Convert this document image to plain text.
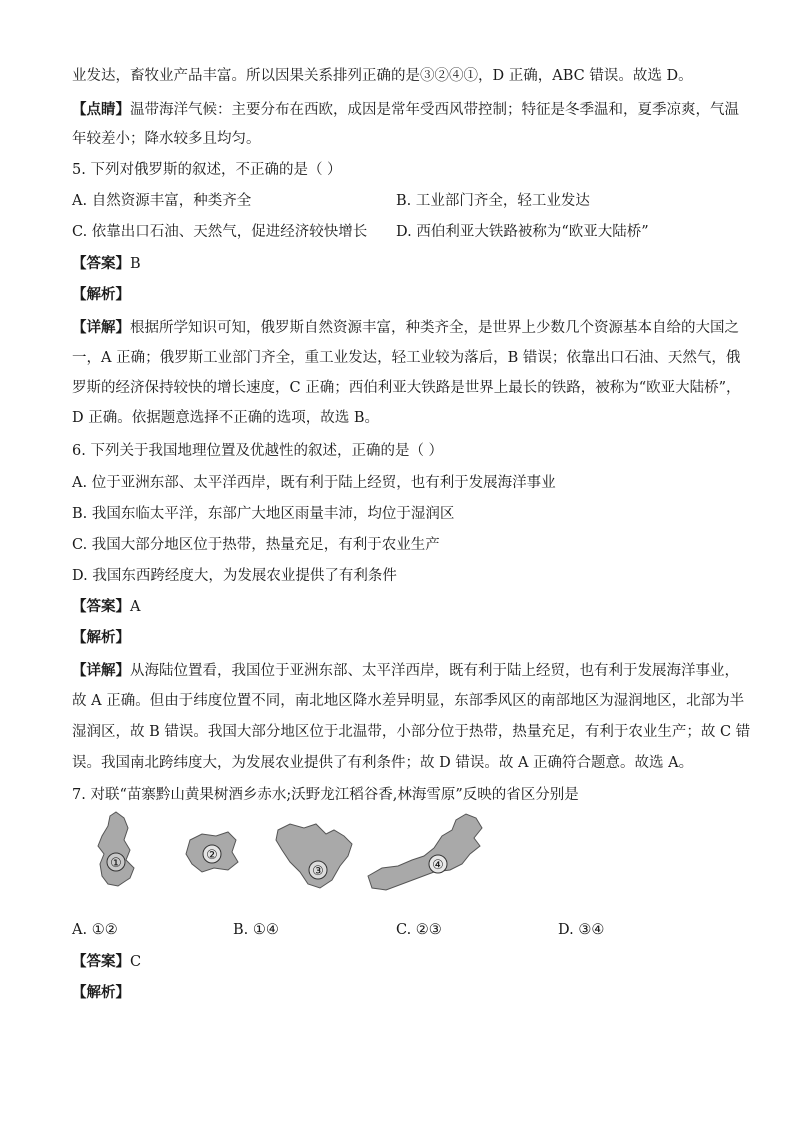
业发达，畜牧业产品丰富。所以因果关系排列正确的是③②④①，D 正确，ABC 错误。故选 D。
【点睛】温带海洋气候：主要分布在西欧，成因是常年受西风带控制；特征是冬季温和，夏季凉爽，气温
年较差小；降水较多且均匀。
5. 下列对俄罗斯的叙述，不正确的是（ ）
A. 自然资源丰富，种类齐全	B. 工业部门齐全，轻工业发达
C. 依靠出口石油、天然气，促进经济较快增长 D. 西伯利亚大铁路被称为“欧亚大陆桥”
【答案】B
【解析】
【详解】根据所学知识可知，俄罗斯自然资源丰富，种类齐全，是世界上少数几个资源基本自给的大国之
一，A 正确；俄罗斯工业部门齐全，重工业发达，轻工业较为落后，B 错误；依靠出口石油、天然气，俄
罗斯的经济保持较快的增长速度，C 正确；西伯利亚大铁路是世界上最长的铁路，被称为“欧亚大陆桥”，
D 正确。依据题意选择不正确的选项，故选 B。
6. 下列关于我国地理位置及优越性的叙述，正确的是（ ）
A. 位于亚洲东部、太平洋西岸，既有利于陆上经贸，也有利于发展海洋事业
B. 我国东临太平洋，东部广大地区雨量丰沛，均位于湿润区
C. 我国大部分地区位于热带，热量充足，有利于农业生产
D. 我国东西跨经度大，为发展农业提供了有利条件
【答案】A
【解析】
【详解】从海陆位置看，我国位于亚洲东部、太平洋西岸，既有利于陆上经贸，也有利于发展海洋事业，
故 A 正确。但由于纬度位置不同，南北地区降水差异明显，东部季风区的南部地区为湿润地区，北部为半
湿润区，故 B 错误。我国大部分地区位于北温带，小部分位于热带，热量充足，有利于农业生产；故 C 错
误。我国南北跨纬度大，为发展农业提供了有利条件；故 D 错误。故 A 正确符合题意。故选 A。
7. 对联“苗寨黔山黄果树酒乡赤水;沃野龙江稻谷香,林海雪原”反映的省区分别是
①
②
③	④
A. ①②	B. ①④	C. ②③	D. ③④
【答案】C
【解析】
